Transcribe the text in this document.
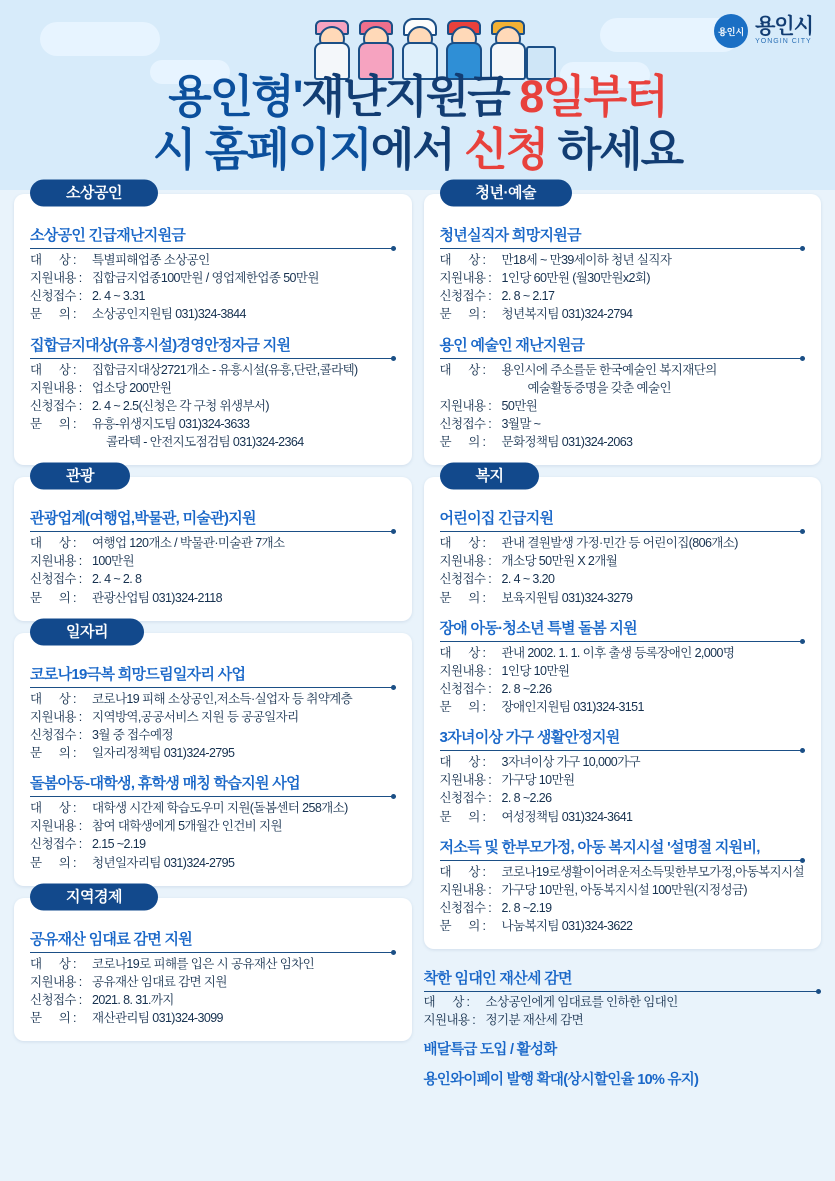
용인시 용인시
YONGIN CITY
용인형'재난지원금 8일부터
시 홈페이지에서 신청 하세요
소상공인
소상공인 긴급재난지원금
대      상 :	특별피해업종 소상공인
지원내용 : 집합금지업종100만원 / 영업제한업종 50만원
신청접수 : 2. 4 ~ 3.31
문      의 :	소상공인지원팀 031)324-3844
집합금지대상(유흥시설)경영안정자금 지원
대      상 :	집합금지대상2721개소 - 유흥시설(유흥,단란,콜라텍)
지원내용 : 업소당 200만원
신청접수 : 2. 4 ~ 2.5(신청은 각 구청 위생부서)
문      의 :	유흥-위생지도팀 031)324-3633
콜라텍 - 안전지도점검팀 031)324-2364
관광
관광업계(여행업,박물관, 미술관)지원
대      상 :	여행업 120개소 / 박물관·미술관 7개소
지원내용 : 100만원
신청접수 : 2. 4 ~ 2. 8
문      의 :	관광산업팀 031)324-2118
일자리
코로나19극복 희망드림일자리 사업
대      상 :	코로나19 피해 소상공인,저소득·실업자 등 취약계층
지원내용 : 지역방역,공공서비스 지원 등 공공일자리
신청접수 : 3월 중 접수예정
문      의 :	일자리정책팀 031)324-2795
돌봄아동-대학생, 휴학생 매칭 학습지원 사업
대      상 :	대학생 시간제 학습도우미 지원(돌봄센터 258개소)
지원내용 : 참여 대학생에게 5개월간 인건비 지원
신청접수 : 2.15 ~2.19
문      의 :	청년일자리팀 031)324-2795
지역경제
공유재산 임대료 감면 지원
대      상 :	코로나19로 피해를 입은 시 공유재산 임차인
지원내용 : 공유재산 임대료 감면 지원
신청접수 : 2021. 8. 31.까지
문      의 :	재산관리팀 031)324-3099
청년·예술
청년실직자 희망지원금
대      상 :	만18세 ~ 만39세이하 청년 실직자
지원내용 : 1인당 60만원 (월30만원x2회)
신청접수 : 2. 8 ~ 2.17
문      의 :	청년복지팀 031)324-2794
용인 예술인 재난지원금
대      상 :	용인시에 주소를둔 한국예술인 복지재단의
예술활동증명을 갖춘 예술인
지원내용 : 50만원
신청접수 : 3월말 ~
문      의 :	문화정책팀 031)324-2063
복지
어린이집 긴급지원
대      상 :	관내 결원발생 가정·민간 등 어린이집(806개소)
지원내용 : 개소당 50만원 X 2개월
신청접수 : 2. 4 ~ 3.20
문      의 :	보육지원팀 031)324-3279
장애 아동·청소년 특별 돌봄 지원
대      상 :	관내 2002. 1. 1. 이후 출생 등록장애인 2,000명
지원내용 : 1인당 10만원
신청접수 : 2. 8 ~2.26
문      의 :	장애인지원팀 031)324-3151
3자녀이상 가구 생활안정지원
대      상 :	3자녀이상 가구 10,000가구
지원내용 : 가구당 10만원
신청접수 : 2. 8 ~2.26
문      의 :	여성정책팀 031)324-3641
저소득 및 한부모가정, 아동 복지시설 '설명절 지원비,
대      상 :	코로나19로생활이어려운저소득및한부모가정,아동복지시설
지원내용 : 가구당 10만원, 아동복지시설 100만원(지정성금)
신청접수 : 2. 8 ~2.19
문      의 :	나눔복지팀 031)324-3622
착한 임대인 재산세 감면
대      상 :	소상공인에게 임대료를 인하한 임대인
지원내용 : 정기분 재산세 감면
배달특급 도입 / 활성화
용인와이페이 발행 확대(상시할인율 10% 유지)
